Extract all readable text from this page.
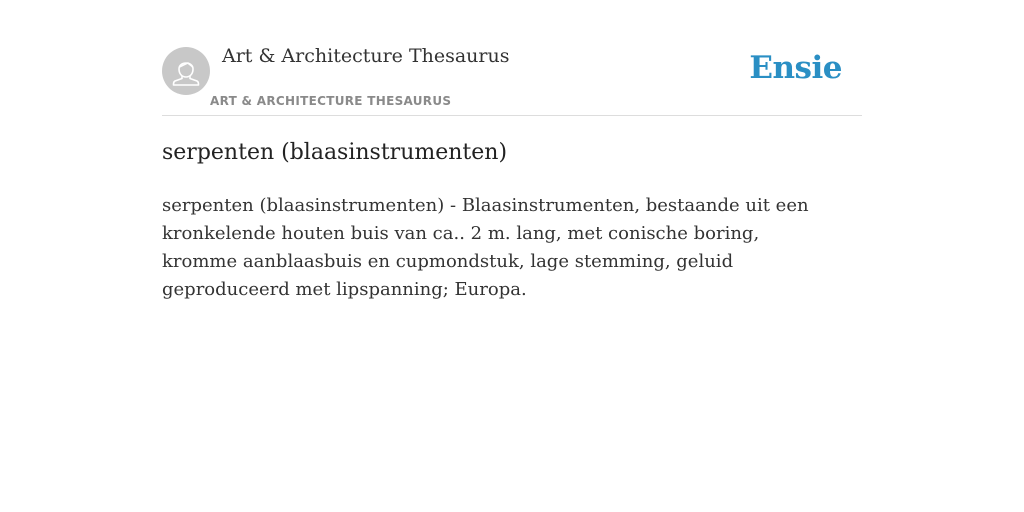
Art & Architecture Thesaurus
ART & ARCHITECTURE THESAURUS
Ensie
serpenten (blaasinstrumenten)

serpenten (blaasinstrumenten) - Blaasinstrumenten, bestaande uit een kronkelende houten buis van ca.. 2 m. lang, met conische boring, kromme aanblaasbuis en cupmondstuk, lage stemming, geluid geproduceerd met lipspanning; Europa.
